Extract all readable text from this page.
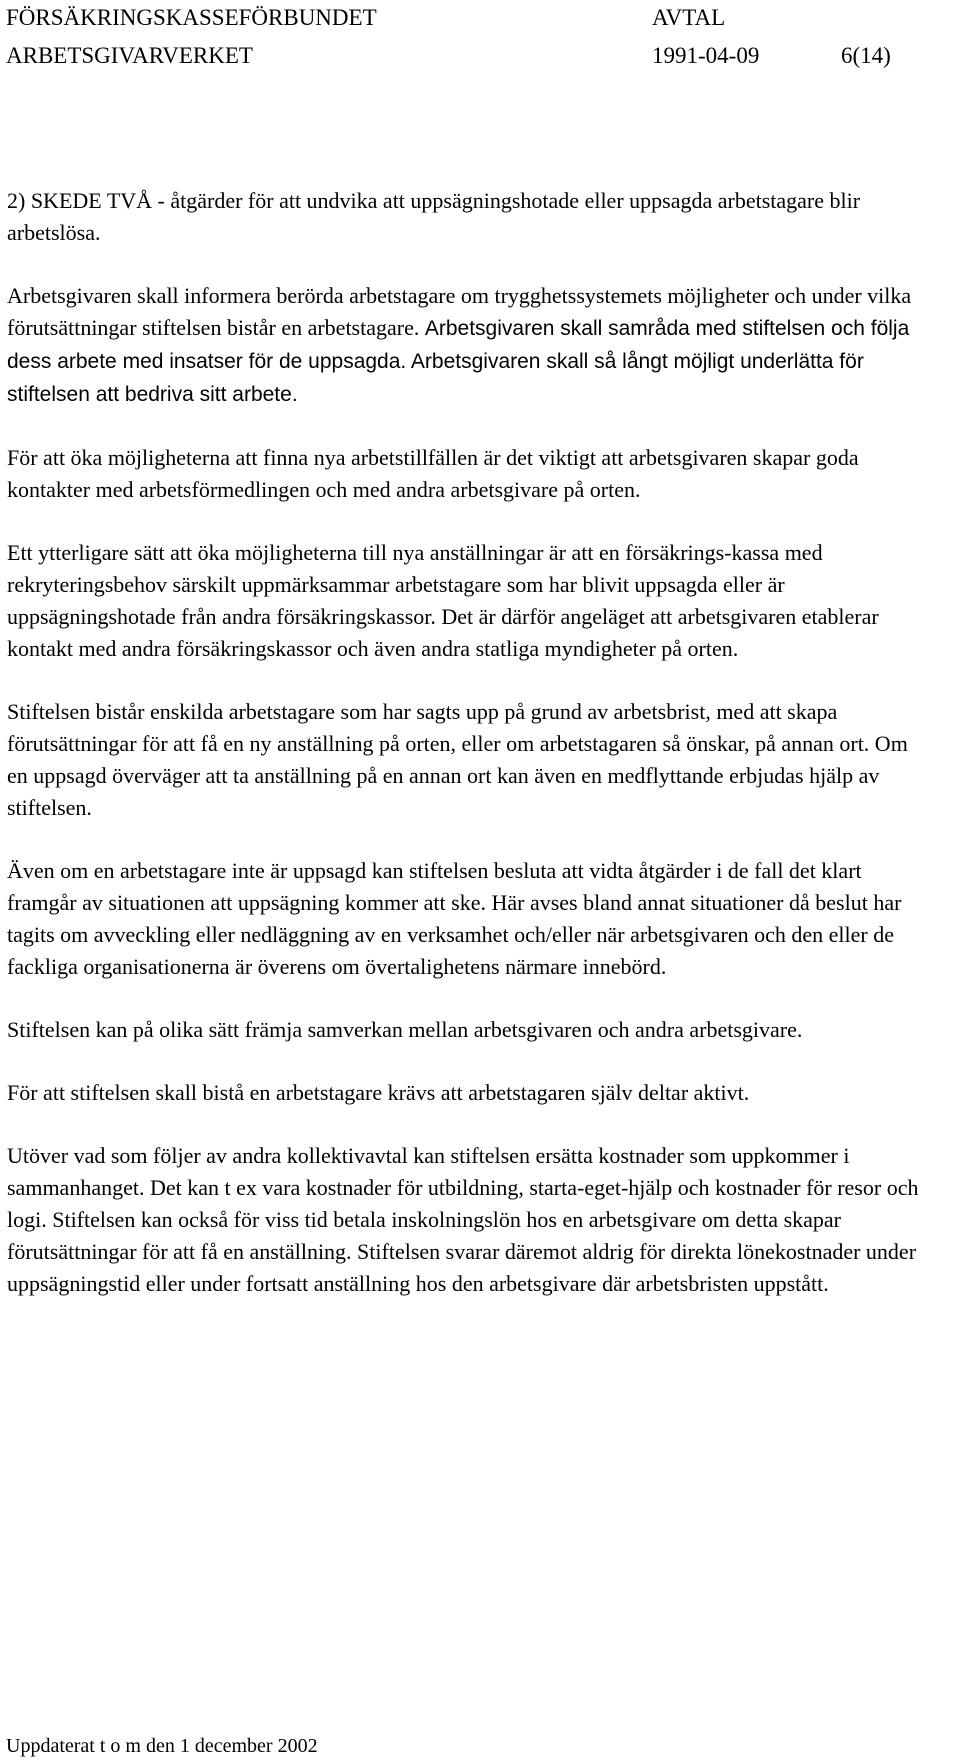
FÖRSÄKRINGSKASSEFÖRBUNDET
ARBETSGIVARVERKET
AVTAL
1991-04-09	6(14)

2) SKEDE TVÅ - åtgärder för att undvika att uppsägningshotade eller uppsagda arbetstagare blir arbetslösa.

Arbetsgivaren skall informera berörda arbetstagare om trygghetssystemets möjligheter och under vilka förutsättningar stiftelsen bistår en arbetstagare. Arbetsgivaren skall samråda med stiftelsen och följa dess arbete med insatser för de uppsagda. Arbetsgivaren skall så långt möjligt underlätta för stiftelsen att bedriva sitt arbete.

För att öka möjligheterna att finna nya arbetstillfällen är det viktigt att arbetsgivaren skapar goda kontakter med arbetsförmedlingen och med andra arbetsgivare på orten.

Ett ytterligare sätt att öka möjligheterna till nya anställningar är att en försäkrings-kassa med rekryteringsbehov särskilt uppmärksammar arbetstagare som har blivit uppsagda eller är uppsägningshotade från andra försäkringskassor. Det är därför angeläget att arbetsgivaren etablerar kontakt med andra försäkringskassor och även andra statliga myndigheter på orten.

Stiftelsen bistår enskilda arbetstagare som har sagts upp på grund av arbetsbrist, med att skapa förutsättningar för att få en ny anställning på orten, eller om arbetstagaren så önskar, på annan ort. Om en uppsagd överväger att ta anställning på en annan ort kan även en medflyttande erbjudas hjälp av stiftelsen.

Även om en arbetstagare inte är uppsagd kan stiftelsen besluta att vidta åtgärder i de fall det klart framgår av situationen att uppsägning kommer att ske. Här avses bland annat situationer då beslut har tagits om avveckling eller nedläggning av en verksamhet och/eller när arbetsgivaren och den eller de fackliga organisationerna är överens om övertalighetens närmare innebörd.

Stiftelsen kan på olika sätt främja samverkan mellan arbetsgivaren och andra arbetsgivare.

För att stiftelsen skall bistå en arbetstagare krävs att arbetstagaren själv deltar aktivt.

Utöver vad som följer av andra kollektivavtal kan stiftelsen ersätta kostnader som uppkommer i sammanhanget. Det kan t ex vara kostnader för utbildning, starta-eget-hjälp och kostnader för resor och logi. Stiftelsen kan också för viss tid betala inskolningslön hos en arbetsgivare om detta skapar förutsättningar för att få en anställning. Stiftelsen svarar däremot aldrig för direkta lönekostnader under uppsägningstid eller under fortsatt anställning hos den arbetsgivare där arbetsbristen uppstått.

Uppdaterat t o m den 1 december 2002
